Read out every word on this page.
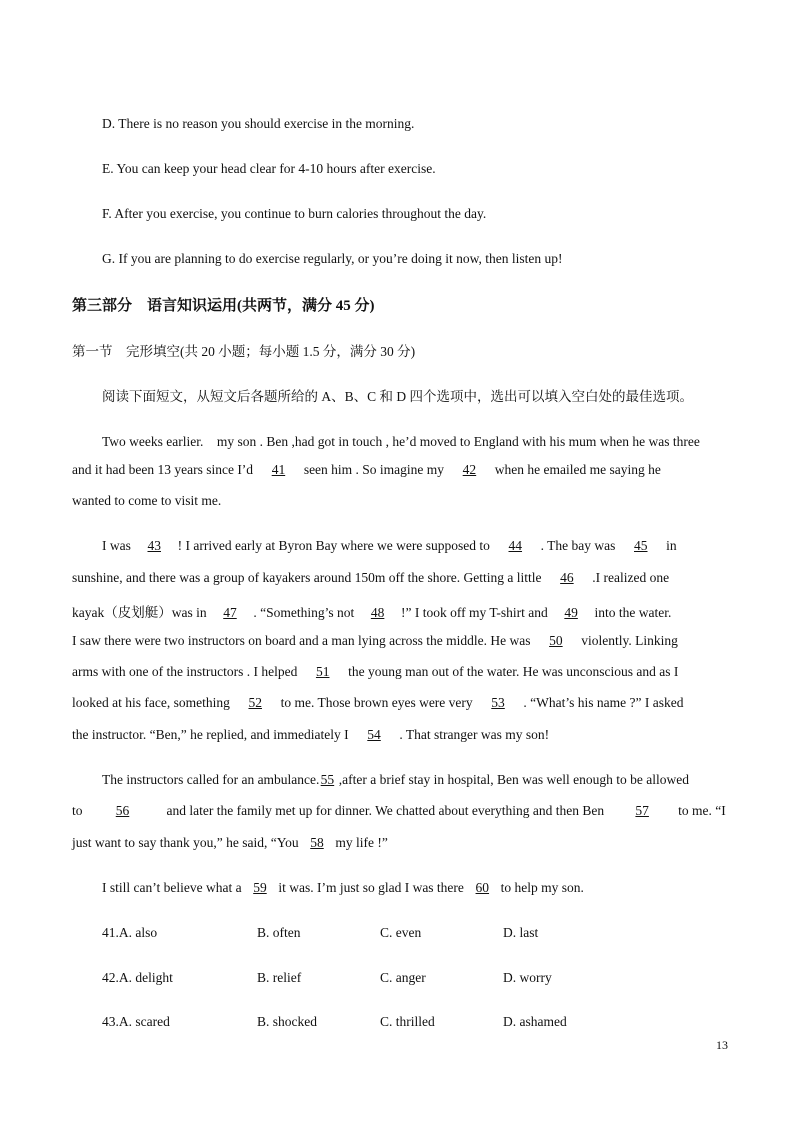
D. There is no reason you should exercise in the morning.
E. You can keep your head clear for 4-10 hours after exercise.
F. After you exercise, you continue to burn calories throughout the day.
G. If you are planning to do exercise regularly, or you’re doing it now, then listen up!
第三部分　语言知识运用(共两节，满分 45 分)
第一节　完形填空(共 20 小题；每小题 1.5 分，满分 30 分)
阅读下面短文，从短文后各题所给的 A、B、C 和 D 四个选项中，选出可以填入空白处的最佳选项。
Two weeks earlier.　my son . Ben ,had got in touch , he’d moved to England with his mum when he was three
and it had been 13 years since I’d 41 seen him . So imagine my 42 when he emailed me saying he
wanted to come to visit me.
I was 43 ! I arrived early at Byron Bay where we were supposed to 44 . The bay was 45 in
sunshine, and there was a group of kayakers around 150m off the shore. Getting a little 46 .I realized one
kayak（皮划艇）was in 47 . “Something’s not 48 !” I took off my T-shirt and 49 into the water.
I saw there were two instructors on board and a man lying across the middle. He was 50 violently. Linking
arms with one of the instructors . I helped 51 the young man out of the water. He was unconscious and as I
looked at his face, something 52 to me. Those brown eyes were very 53 . “What’s his name ?” I asked
the instructor. “Ben,” he replied, and immediately I 54 . That stranger was my son!
The instructors called for an ambulance.55 ,after a brief stay in hospital, Ben was well enough to be allowed
to 56	and later the family met up for dinner. We chatted about everything and then Ben 57 to me. “I
just want to say thank you,” he said, “You 58 my life !”
I still can’t believe what a 59 it was. I’m just so glad I was there 60 to help my son.
41.A. also	B. often	C. even	D. last
42.A. delight	B. relief	C. anger	D. worry
43.A. scared	B. shocked	C. thrilled	D. ashamed
13
